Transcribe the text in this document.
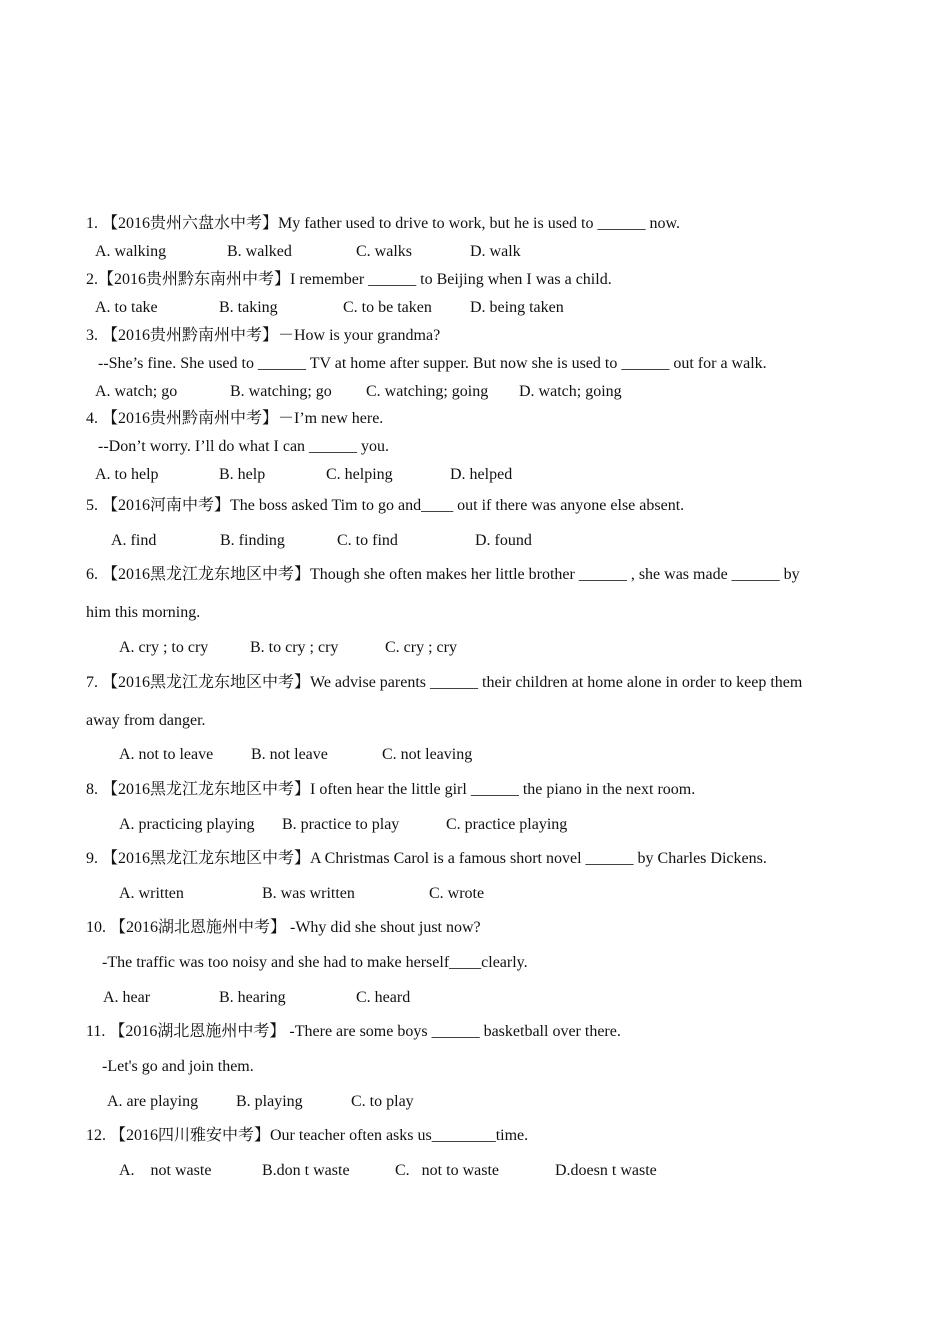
1. 【2016贵州六盘水中考】My father used to drive to work, but he is used to ______ now.
A. walking	B. walked	C. walks	D. walk
2.【2016贵州黔东南州中考】I remember ______ to Beijing when I was a child.
A. to take	B. taking	C. to be taken D. being taken
3. 【2016贵州黔南州中考】－How is your grandma?
--She’s fine. She used to ______ TV at home after supper. But now she is used to ______ out for a walk.
A. watch; go	B. watching; go C. watching; going D. watch; going
4. 【2016贵州黔南州中考】－I’m new here.
--Don’t worry. I’ll do what I can ______ you.
A. to help	B. help	C. helping	D. helped
5. 【2016河南中考】The boss asked Tim to go and____ out if there was anyone else absent.
A. find	B. finding	C. to find	D. found
6. 【2016黑龙江龙东地区中考】Though she often makes her little brother ______ , she was made ______ by
him this morning.
A. cry ; to cry	B. to cry ; cry	C. cry ; cry
7. 【2016黑龙江龙东地区中考】We advise parents ______ their children at home alone in order to keep them
away from danger.
A. not to leave B. not leave	C. not leaving
8. 【2016黑龙江龙东地区中考】I often hear the little girl ______ the piano in the next room.
A. practicing playing B. practice to play	C. practice playing
9. 【2016黑龙江龙东地区中考】A Christmas Carol is a famous short novel ______ by Charles Dickens.
A. written	B. was written	C. wrote
10. 【2016湖北恩施州中考】 -Why did she shout just now?
-The traffic was too noisy and she had to make herself____clearly.
A. hear	B. hearing	C. heard
11. 【2016湖北恩施州中考】 -There are some boys ______ basketball over there.
-Let's go and join them.
A. are playing B. playing	C. to play
12. 【2016四川雅安中考】Our teacher often asks us________time.
A.    not waste	B.don t waste	C.   not to waste	D.doesn t waste
